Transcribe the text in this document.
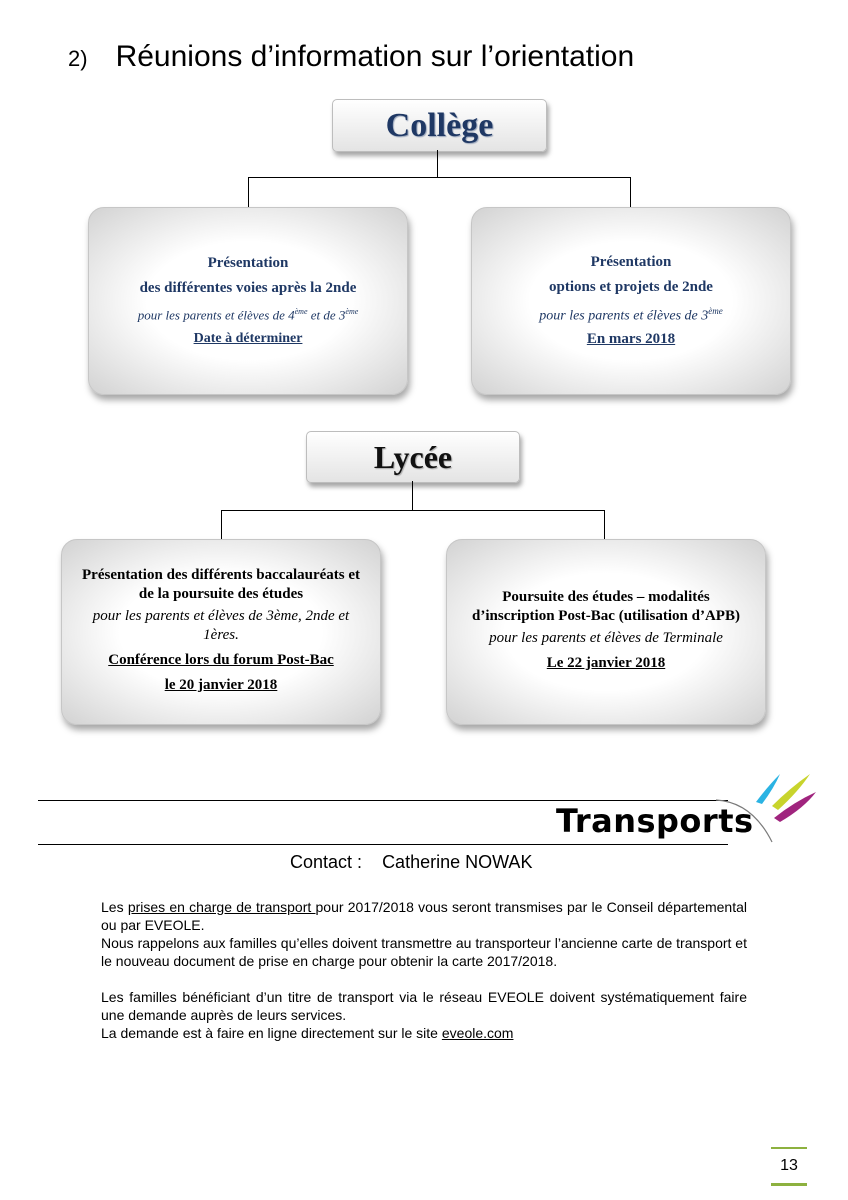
2) Réunions d’information sur l’orientation
Collège
Présentation
des différentes voies après la 2nde
pour les parents et élèves de 4ème et de 3ème
Date à déterminer
Présentation
options et projets de 2nde
pour les parents et élèves de 3ème
En mars 2018
Lycée
Présentation des différents baccalauréats et de la poursuite des études
pour les parents et élèves de 3ème, 2nde et 1ères.
Conférence lors du forum Post-Bac
le 20 janvier 2018
Poursuite des études – modalités d’inscription Post-Bac (utilisation d’APB)
pour les parents et élèves de Terminale
Le 22 janvier 2018
Transports
Contact : Catherine NOWAK
Les prises en charge de transport pour 2017/2018 vous seront transmises par le Conseil départemental ou par EVEOLE.
Nous rappelons aux familles qu’elles doivent transmettre au transporteur l’ancienne carte de transport et le nouveau document de prise en charge pour obtenir la carte 2017/2018.
Les familles bénéficiant d’un titre de transport via le réseau EVEOLE doivent systématiquement faire une demande auprès de leurs services.
La demande est à faire en ligne directement sur le site eveole.com
13
